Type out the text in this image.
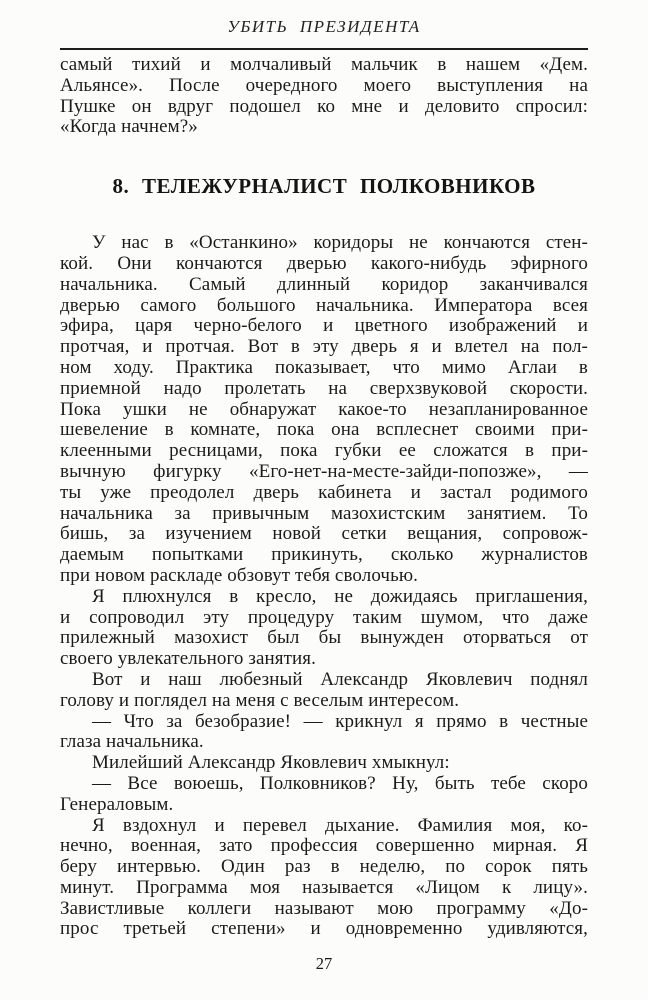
УБИТЬ ПРЕЗИДЕНТА
самый тихий и молчаливый мальчик в нашем «Дем.
Альянсе». После очередного моего выступления на
Пушке он вдруг подошел ко мне и деловито спросил:
«Когда начнем?»
8. ТЕЛЕЖУРНАЛИСТ ПОЛКОВНИКОВ
У нас в «Останкино» коридоры не кончаются стен-
кой. Они кончаются дверью какого-нибудь эфирного
начальника. Самый длинный коридор заканчивался
дверью самого большого начальника. Императора всея
эфира, царя черно-белого и цветного изображений и
протчая, и протчая. Вот в эту дверь я и влетел на пол-
ном ходу. Практика показывает, что мимо Аглаи в
приемной надо пролетать на сверхзвуковой скорости.
Пока ушки не обнаружат какое-то незапланированное
шевеление в комнате, пока она всплеснет своими при-
клеенными ресницами, пока губки ее сложатся в при-
вычную фигурку «Его-нет-на-месте-зайди-попозже», —
ты уже преодолел дверь кабинета и застал родимого
начальника за привычным мазохистским занятием. То
бишь, за изучением новой сетки вещания, сопровож-
даемым попытками прикинуть, сколько журналистов
при новом раскладе обзовут тебя сволочью.
Я плюхнулся в кресло, не дожидаясь приглашения,
и сопроводил эту процедуру таким шумом, что даже
прилежный мазохист был бы вынужден оторваться от
своего увлекательного занятия.
Вот и наш любезный Александр Яковлевич поднял
голову и поглядел на меня с веселым интересом.
— Что за безобразие! — крикнул я прямо в честные
глаза начальника.
Милейший Александр Яковлевич хмыкнул:
— Все воюешь, Полковников? Ну, быть тебе скоро
Генераловым.
Я вздохнул и перевел дыхание. Фамилия моя, ко-
нечно, военная, зато профессия совершенно мирная. Я
беру интервью. Один раз в неделю, по сорок пять
минут. Программа моя называется «Лицом к лицу».
Завистливые коллеги называют мою программу «До-
прос третьей степени» и одновременно удивляются,
27
